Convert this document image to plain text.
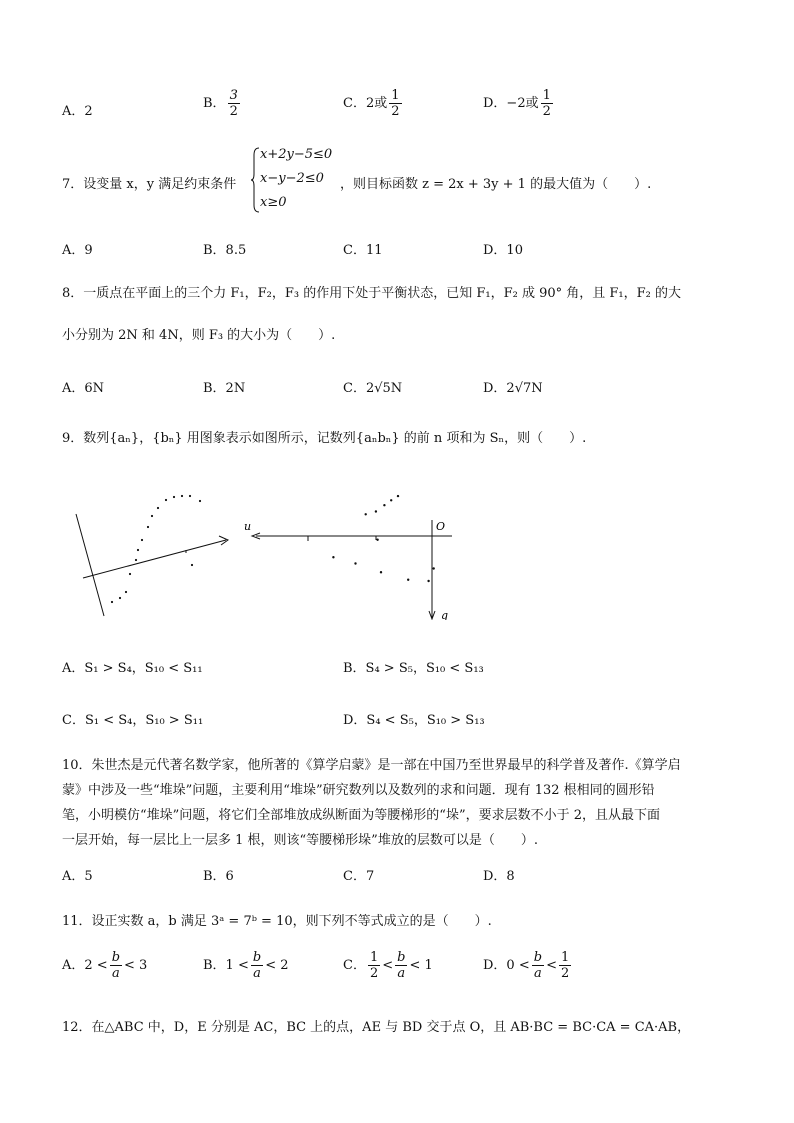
A．2
B． $\frac{3}{2}$	C．2或 $\frac{1}{2}$	D．−2或 $\frac{1}{2}$
7．设变量 x，y 满足约束条件
x+2y−5≤0
x−y−2≤0
x≥0
，则目标函数 z = 2x + 3y + 1 的最大值为（　　）.
A．9	B．8.5	C．11	D．10
8．一质点在平面上的三个力 F₁，F₂，F₃ 的作用下处于平衡状态，已知 F₁，F₂ 成 90° 角，且 F₁，F₂ 的大
小分别为 2N 和 4N，则 F₃ 的大小为（　　）.
A．6N	B．2N	C．2√5N	D．2√7N
9．数列{aₙ}，{bₙ} 用图象表示如图所示，记数列{aₙbₙ} 的前 n 项和为 Sₙ，则（　　）.
u	O
q
A．S₁ > S₄，S₁₀ < S₁₁	B．S₄ > S₅，S₁₀ < S₁₃
C．S₁ < S₄，S₁₀ > S₁₁	D．S₄ < S₅，S₁₀ > S₁₃
10．朱世杰是元代著名数学家，他所著的《算学启蒙》是一部在中国乃至世界最早的科学普及著作.《算学启
蒙》中涉及一些“堆垛”问题，主要利用“堆垛”研究数列以及数列的求和问题．现有 132 根相同的圆形铅
笔，小明模仿“堆垛”问题，将它们全部堆放成纵断面为等腰梯形的“垛”，要求层数不小于 2，且从最下面
一层开始，每一层比上一层多 1 根，则该“等腰梯形垛”堆放的层数可以是（　　）.
A．5	B．6	C．7	D．8
11．设正实数 a，b 满足 3ᵃ = 7ᵇ = 10，则下列不等式成立的是（　　）.
A．$2 < \frac{b}{a} < 3$	B．$1 < \frac{b}{a} < 2$	C． $\frac{1}{2} < \frac{b}{a} < 1$	D．$0 < \frac{b}{a} < \frac{1}{2}$
12．在△ABC 中，D，E 分别是 AC，BC 上的点，AE 与 BD 交于点 O，且 AB·BC = BC·CA = CA·AB，
